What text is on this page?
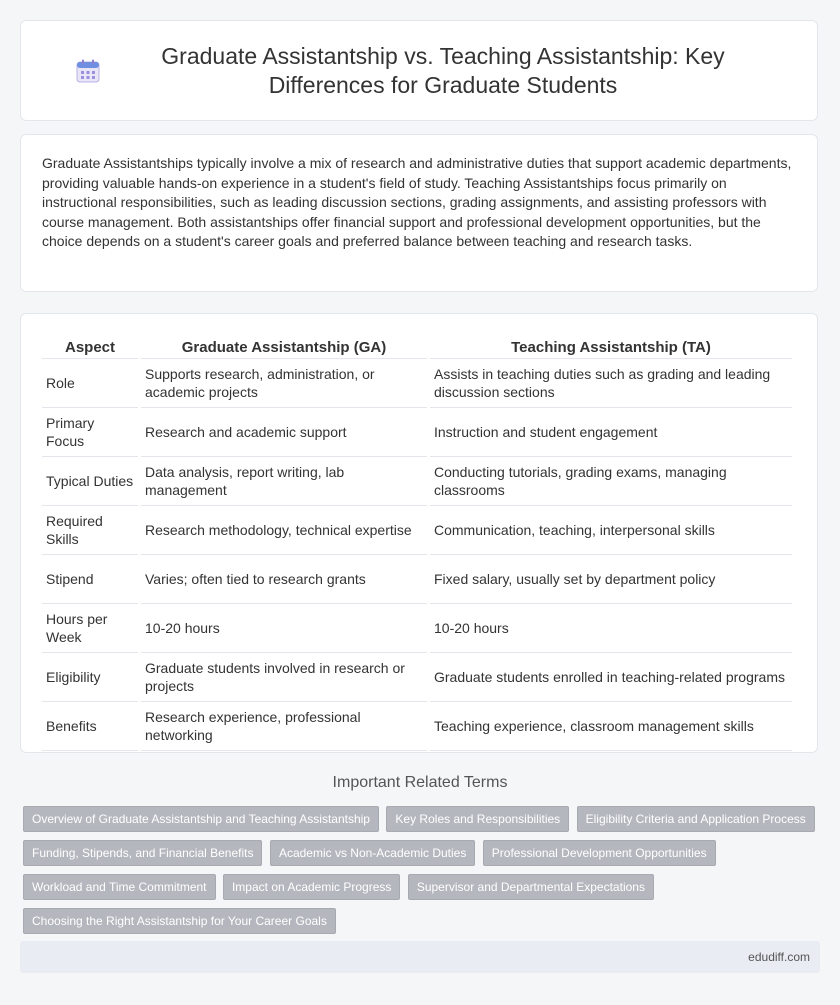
Graduate Assistantship vs. Teaching Assistantship: Key Differences for Graduate Students

Graduate Assistantships typically involve a mix of research and administrative duties that support academic departments, providing valuable hands-on experience in a student's field of study. Teaching Assistantships focus primarily on instructional responsibilities, such as leading discussion sections, grading assignments, and assisting professors with course management. Both assistantships offer financial support and professional development opportunities, but the choice depends on a student's career goals and preferred balance between teaching and research tasks.

Aspect	Graduate Assistantship (GA)	Teaching Assistantship (TA)
Role	Supports research, administration, or academic projects	Assists in teaching duties such as grading and leading discussion sections
Primary Focus	Research and academic support	Instruction and student engagement
Typical Duties	Data analysis, report writing, lab management	Conducting tutorials, grading exams, managing classrooms
Required Skills	Research methodology, technical expertise	Communication, teaching, interpersonal skills
Stipend	Varies; often tied to research grants	Fixed salary, usually set by department policy
Hours per Week	10-20 hours	10-20 hours
Eligibility	Graduate students involved in research or projects	Graduate students enrolled in teaching-related programs
Benefits	Research experience, professional networking	Teaching experience, classroom management skills
Important Related Terms
Overview of Graduate Assistantship and Teaching Assistantship Key Roles and Responsibilities Eligibility Criteria and Application Process
Funding, Stipends, and Financial Benefits Academic vs Non-Academic Duties Professional Development Opportunities
Workload and Time Commitment Impact on Academic Progress Supervisor and Departmental Expectations
Choosing the Right Assistantship for Your Career Goals
edudiff.com
